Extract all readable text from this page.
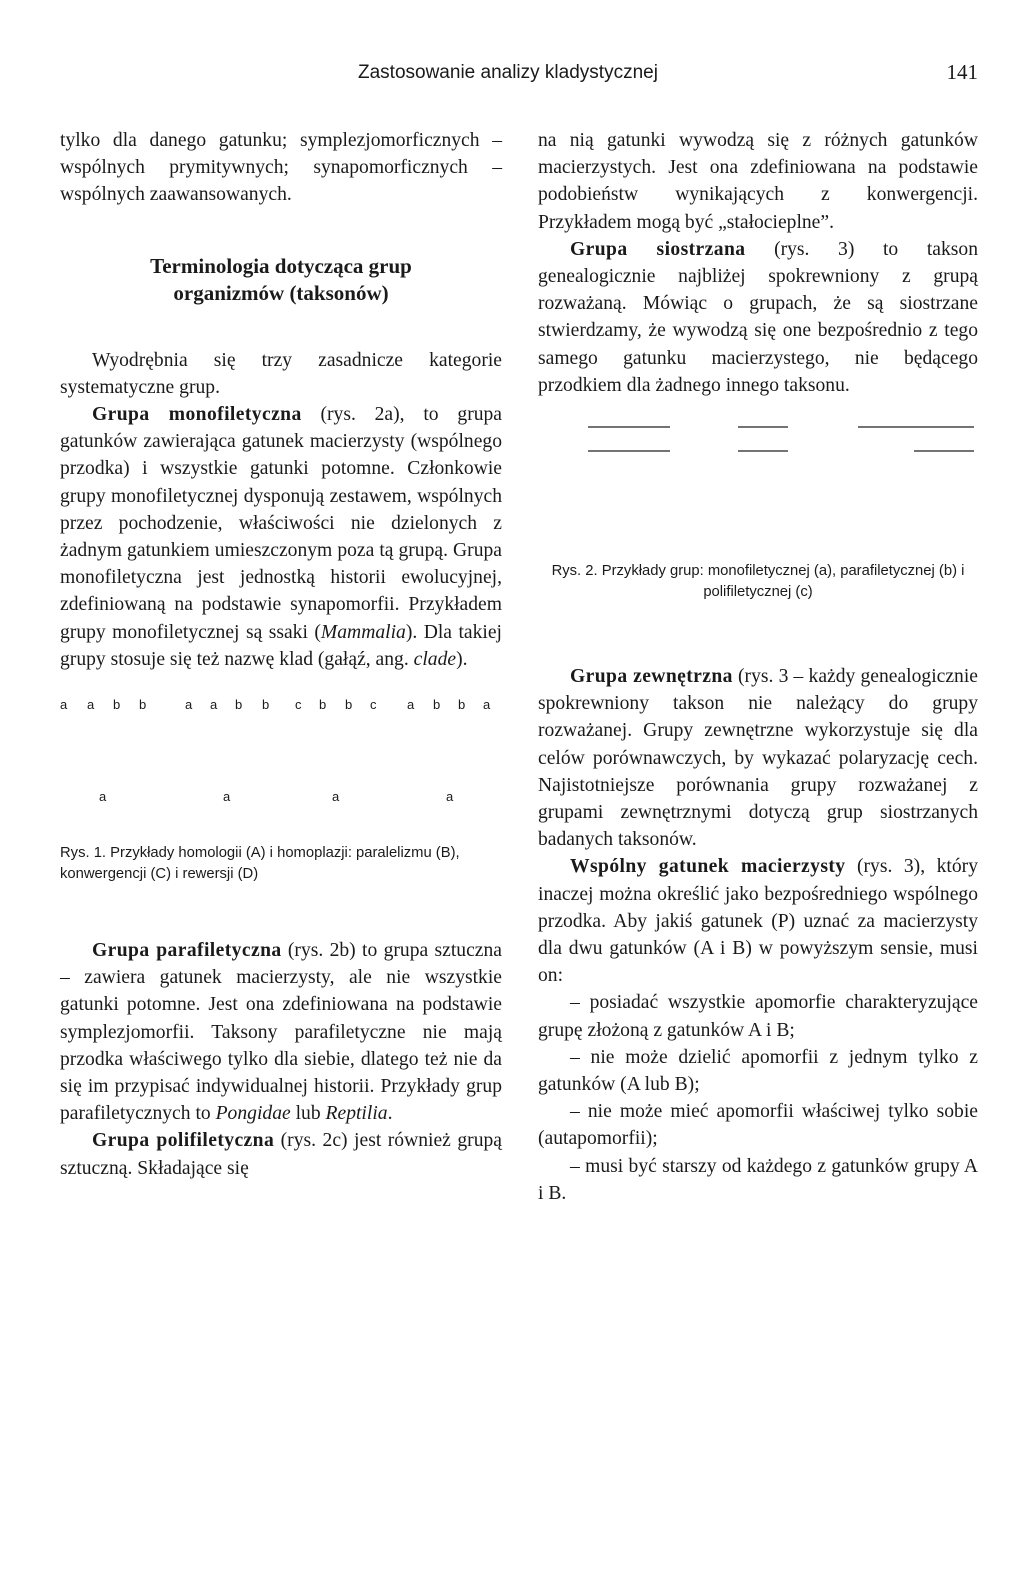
Zastosowanie analizy kladystycznej	141

tylko dla danego gatunku; symplezjomorficznych – wspólnych prymitywnych; synapomorficznych – wspólnych zaawansowanych.

Terminologia dotycząca grup
organizmów (taksonów)

Wyodrębnia się trzy zasadnicze kategorie systematyczne grup.

Grupa monofiletyczna (rys. 2a), to grupa gatunków zawierająca gatunek macierzysty (wspólnego przodka) i wszystkie gatunki potomne. Członkowie grupy monofiletycznej dysponują zestawem, wspólnych przez pochodzenie, właściwości nie dzielonych z żadnym gatunkiem umieszczonym poza tą grupą. Grupa monofiletyczna jest jednostką historii ewolucyjnej, zdefiniowaną na podstawie synapomorfii. Przykładem grupy monofiletycznej są ssaki (Mammalia). Dla takiej grupy stosuje się też nazwę klad (gałąź, ang. clade).

a a b b	a a b b c b b c a b b a
a	a	a	a

Rys. 1. Przykłady homologii (A) i homoplazji: paralelizmu (B), konwergencji (C) i rewersji (D)

Grupa parafiletyczna (rys. 2b) to grupa sztuczna – zawiera gatunek macierzysty, ale nie wszystkie gatunki potomne. Jest ona zdefiniowana na podstawie symplezjomorfii. Taksony parafiletyczne nie mają przodka właściwego tylko dla siebie, dlatego też nie da się im przypisać indywidualnej historii. Przykłady grup parafiletycznych to Pongidae lub Reptilia.

Grupa polifiletyczna (rys. 2c) jest również grupą sztuczną. Składające się

na nią gatunki wywodzą się z różnych gatunków macierzystych. Jest ona zdefiniowana na podstawie podobieństw wynikających z konwergencji. Przykładem mogą być „stałocieplne”.

Grupa siostrzana (rys. 3) to takson genealogicznie najbliżej spokrewniony z grupą rozważaną. Mówiąc o grupach, że są siostrzane stwierdzamy, że wywodzą się one bezpośrednio z tego samego gatunku macierzystego, nie będącego przodkiem dla żadnego innego taksonu.

Rys. 2. Przykłady grup: monofiletycznej (a), parafiletycznej (b) i polifiletycznej (c)

Grupa zewnętrzna (rys. 3 – każdy genealogicznie spokrewniony takson nie należący do grupy rozważanej. Grupy zewnętrzne wykorzystuje się dla celów porównawczych, by wykazać polaryzację cech. Najistotniejsze porównania grupy rozważanej z grupami zewnętrznymi dotyczą grup siostrzanych badanych taksonów.

Wspólny gatunek macierzysty (rys. 3), który inaczej można określić jako bezpośredniego wspólnego przodka. Aby jakiś gatunek (P) uznać za macierzysty dla dwu gatunków (A i B) w powyższym sensie, musi on:

– posiadać wszystkie apomorfie charakteryzujące grupę złożoną z gatunków A i B;

– nie może dzielić apomorfii z jednym tylko z gatunków (A lub B);

– nie może mieć apomorfii właściwej tylko sobie (autapomorfii);

– musi być starszy od każdego z gatunków grupy A i B.
